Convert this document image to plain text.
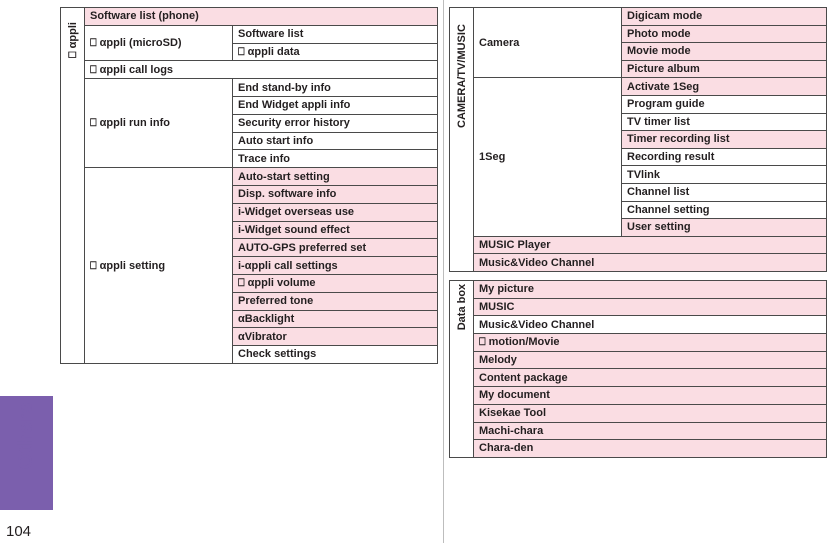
Others
104
⎕ αppli	Software list (phone)	
	⎕ αppli (microSD)	Software list
		⎕ αppli data
	⎕ αppli call logs	
	⎕ αppli run info	End stand-by info
		End Widget appli info
		Security error history
		Auto start info
		Trace info
	⎕ αppli setting	Auto-start setting
		Disp. software info
		i-Widget overseas use
		i-Widget sound effect
		AUTO-GPS preferred set
		i-αppli call settings
		⎕ αppli volume
		Preferred tone
		αBacklight
		αVibrator
		Check settings
CAMERA/TV/MUSIC	Camera	Digicam mode
		Photo mode
		Movie mode
		Picture album
	1Seg	Activate 1Seg
		Program guide
		TV timer list
		Timer recording list
		Recording result
		TVlink
		Channel list
		Channel setting
		User setting
	MUSIC Player	
	Music&Video Channel	
Data box	My picture
MUSIC
Music&Video Channel
⎕ motion/Movie
Melody
Content package
My document
Kisekae Tool
Machi-chara
Chara-den
